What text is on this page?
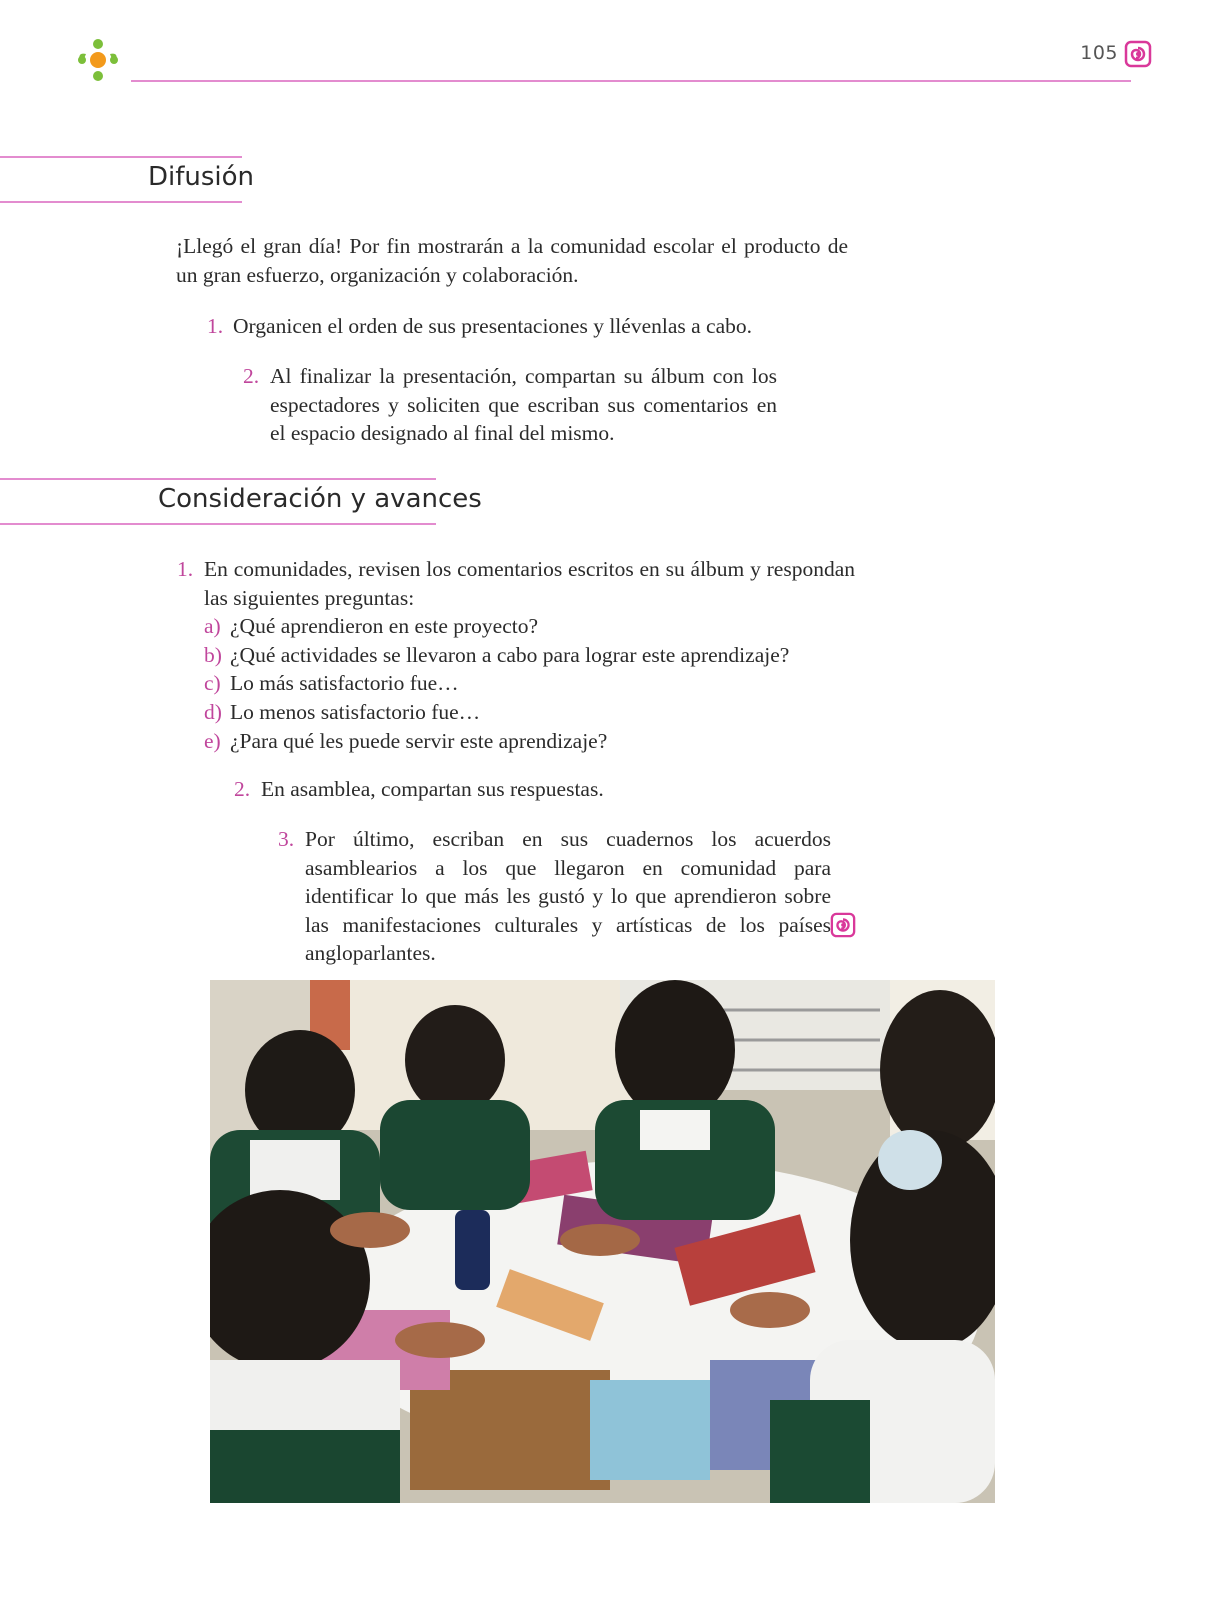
105
Difusión
¡Llegó el gran día! Por fin mostrarán a la comunidad escolar el producto de un gran esfuerzo, organización y colaboración.
1. Organicen el orden de sus presentaciones y llévenlas a cabo.
2. Al finalizar la presentación, compartan su álbum con los espectadores y soliciten que escriban sus comentarios en el espacio designado al final del mismo.
Consideración y avances
1. En comunidades, revisen los comentarios escritos en su álbum y respondan las siguientes preguntas:
a) ¿Qué aprendieron en este proyecto?
b) ¿Qué actividades se llevaron a cabo para lograr este aprendizaje?
c) Lo más satisfactorio fue…
d) Lo menos satisfactorio fue…
e) ¿Para qué les puede servir este aprendizaje?
2. En asamblea, compartan sus respuestas.
3. Por último, escriban en sus cuadernos los acuerdos asamblearios a los que llegaron en comunidad para identificar lo que más les gustó y lo que aprendieron sobre las manifestaciones culturales y artísticas de los países angloparlantes.
